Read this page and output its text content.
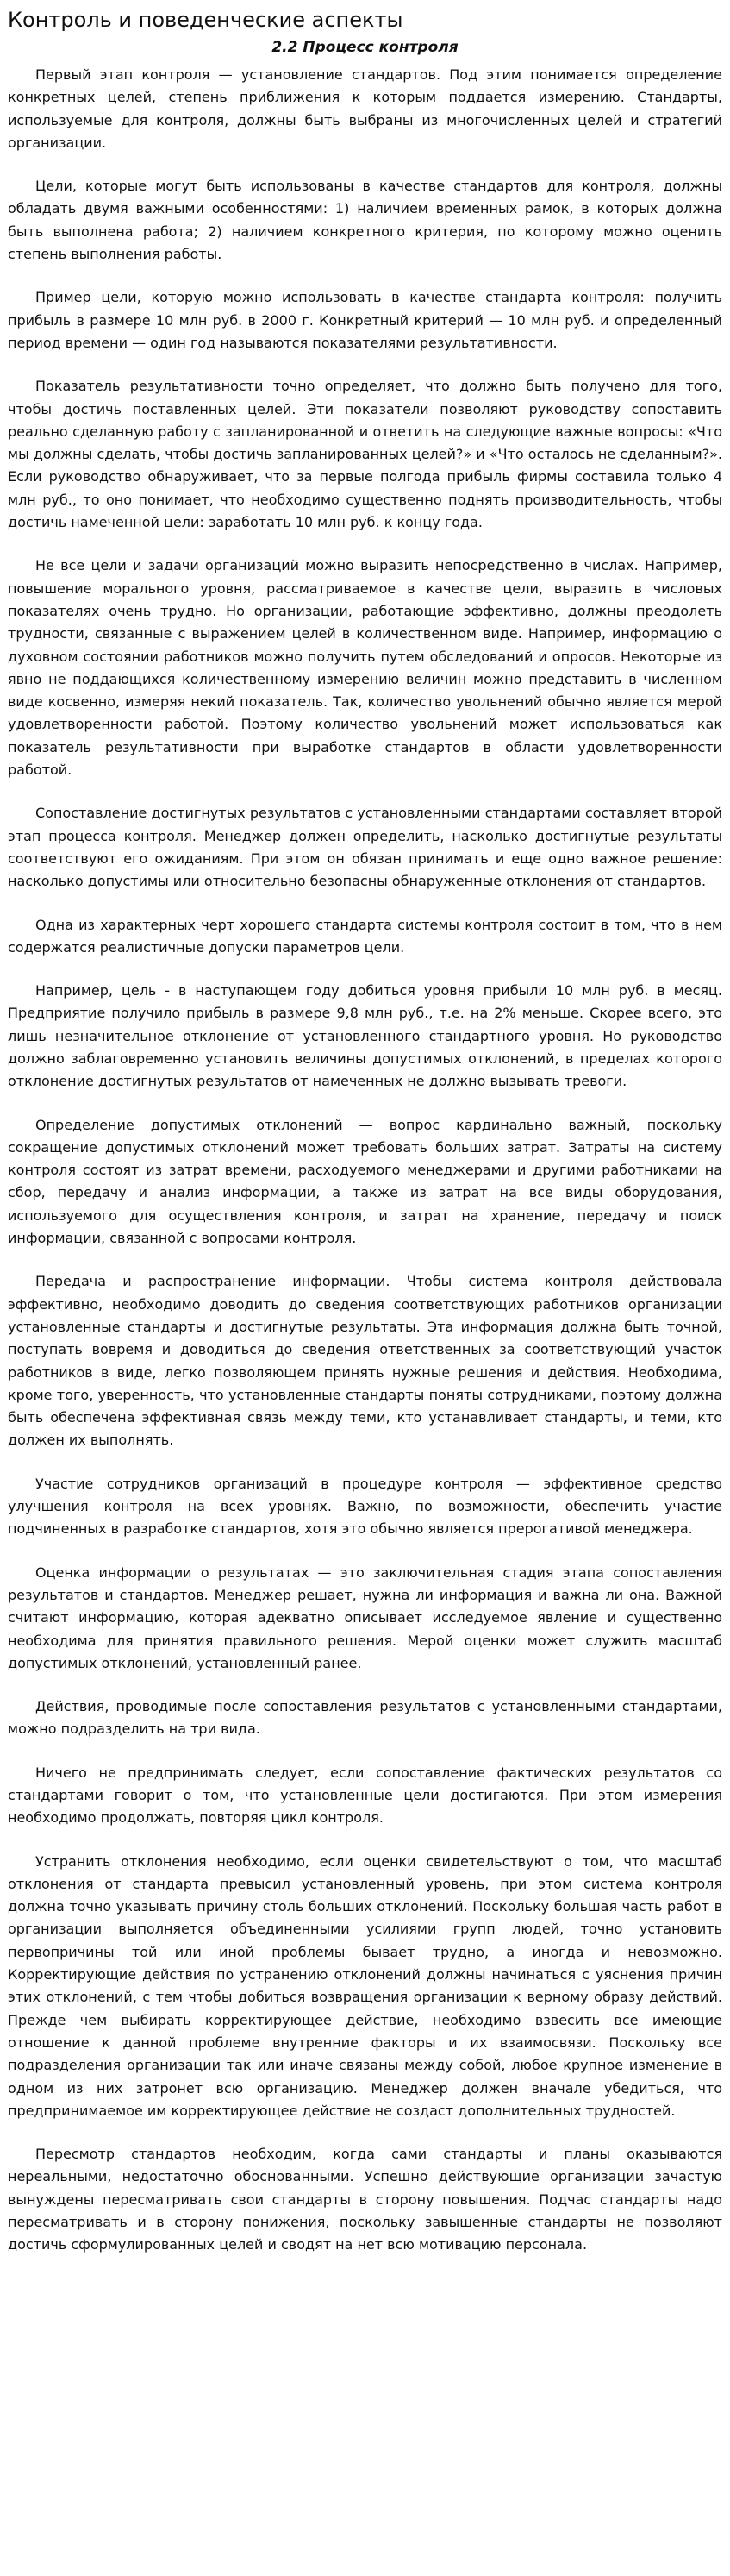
Контроль и поведенческие аспекты
2.2 Процесс контроля

Первый этап контроля — установление стандартов. Под этим понимается определение конкретных целей, степень приближения к которым поддается измерению. Стандарты, используемые для контроля, должны быть выбраны из многочисленных целей и стратегий организации.

Цели, которые могут быть использованы в качестве стандартов для контроля, должны обладать двумя важными особенностями: 1) наличием временных рамок, в которых должна быть выполнена работа; 2) наличием конкретного критерия, по которому можно оценить степень выполнения работы.

Пример цели, которую можно использовать в качестве стандарта контроля: получить прибыль в размере 10 млн руб. в 2000 г. Конкретный критерий — 10 млн руб. и определенный период времени — один год называются показателями результативности.

Показатель результативности точно определяет, что должно быть получено для того, чтобы достичь поставленных целей. Эти показатели позволяют руководству сопоставить реально сделанную работу с запланированной и ответить на следующие важные вопросы: «Что мы должны сделать, чтобы достичь запланированных целей?» и «Что осталось не сделанным?». Если руководство обнаруживает, что за первые полгода прибыль фирмы составила только 4 млн руб., то оно понимает, что необходимо существенно поднять производительность, чтобы достичь намеченной цели: заработать 10 млн руб. к концу года.

Не все цели и задачи организаций можно выразить непосредственно в числах. Например, повышение морального уровня, рассматриваемое в качестве цели, выразить в числовых показателях очень трудно. Но организации, работающие эффективно, должны преодолеть трудности, связанные с выражением целей в количественном виде. Например, информацию о духовном состоянии работников можно получить путем обследований и опросов. Некоторые из явно не поддающихся количественному измерению величин можно представить в численном виде косвенно, измеряя некий показатель. Так, количество увольнений обычно является мерой удовлетворенности работой. Поэтому количество увольнений может использоваться как показатель результативности при выработке стандартов в области удовлетворенности работой.

Сопоставление достигнутых результатов с установленными стандартами составляет второй этап процесса контроля. Менеджер должен определить, насколько достигнутые результаты соответствуют его ожиданиям. При этом он обязан принимать и еще одно важное решение: насколько допустимы или относительно безопасны обнаруженные отклонения от стандартов.

Одна из характерных черт хорошего стандарта системы контроля состоит в том, что в нем содержатся реалистичные допуски параметров цели.

Например, цель - в наступающем году добиться уровня прибыли 10 млн руб. в месяц. Предприятие получило прибыль в размере 9,8 млн руб., т.е. на 2% меньше. Скорее всего, это лишь незначительное отклонение от установленного стандартного уровня. Но руководство должно заблаговременно установить величины допустимых отклонений, в пределах которого отклонение достигнутых результатов от намеченных не должно вызывать тревоги.

Определение допустимых отклонений — вопрос кардинально важный, поскольку сокращение допустимых отклонений может требовать больших затрат. Затраты на систему контроля состоят из затрат времени, расходуемого менеджерами и другими работниками на сбор, передачу и анализ информации, а также из затрат на все виды оборудования, используемого для осуществления контроля, и затрат на хранение, передачу и поиск информации, связанной с вопросами контроля.

Передача и распространение информации. Чтобы система контроля действовала эффективно, необходимо доводить до сведения соответствующих работников организации установленные стандарты и достигнутые результаты. Эта информация должна быть точной, поступать вовремя и доводиться до сведения ответственных за соответствующий участок работников в виде, легко позволяющем принять нужные решения и действия. Необходима, кроме того, уверенность, что установленные стандарты поняты сотрудниками, поэтому должна быть обеспечена эффективная связь между теми, кто устанавливает стандарты, и теми, кто должен их выполнять.

Участие сотрудников организаций в процедуре контроля — эффективное средство улучшения контроля на всех уровнях. Важно, по возможности, обеспечить участие подчиненных в разработке стандартов, хотя это обычно является прерогативой менеджера.

Оценка информации о результатах — это заключительная стадия этапа сопоставления результатов и стандартов. Менеджер решает, нужна ли информация и важна ли она. Важной считают информацию, которая адекватно описывает исследуемое явление и существенно необходима для принятия правильного решения. Мерой оценки может служить масштаб допустимых отклонений, установленный ранее.

Действия, проводимые после сопоставления результатов с установленными стандартами, можно подразделить на три вида.

Ничего не предпринимать следует, если сопоставление фактических результатов со стандартами говорит о том, что установленные цели достигаются. При этом измерения необходимо продолжать, повторяя цикл контроля.

Устранить отклонения необходимо, если оценки свидетельствуют о том, что масштаб отклонения от стандарта превысил установленный уровень, при этом система контроля должна точно указывать причину столь больших отклонений. Поскольку большая часть работ в организации выполняется объединенными усилиями групп людей, точно установить первопричины той или иной проблемы бывает трудно, а иногда и невозможно. Корректирующие действия по устранению отклонений должны начинаться с уяснения причин этих отклонений, с тем чтобы добиться возвращения организации к верному образу действий. Прежде чем выбирать корректирующее действие, необходимо взвесить все имеющие отношение к данной проблеме внутренние факторы и их взаимосвязи. Поскольку все подразделения организации так или иначе связаны между собой, любое крупное изменение в одном из них затронет всю организацию. Менеджер должен вначале убедиться, что предпринимаемое им корректирующее действие не создаст дополнительных трудностей.

Пересмотр стандартов необходим, когда сами стандарты и планы оказываются нереальными, недостаточно обоснованными. Успешно действующие организации зачастую вынуждены пересматривать свои стандарты в сторону повышения. Подчас стандарты надо пересматривать и в сторону понижения, поскольку завышенные стандарты не позволяют достичь сформулированных целей и сводят на нет всю мотивацию персонала.
